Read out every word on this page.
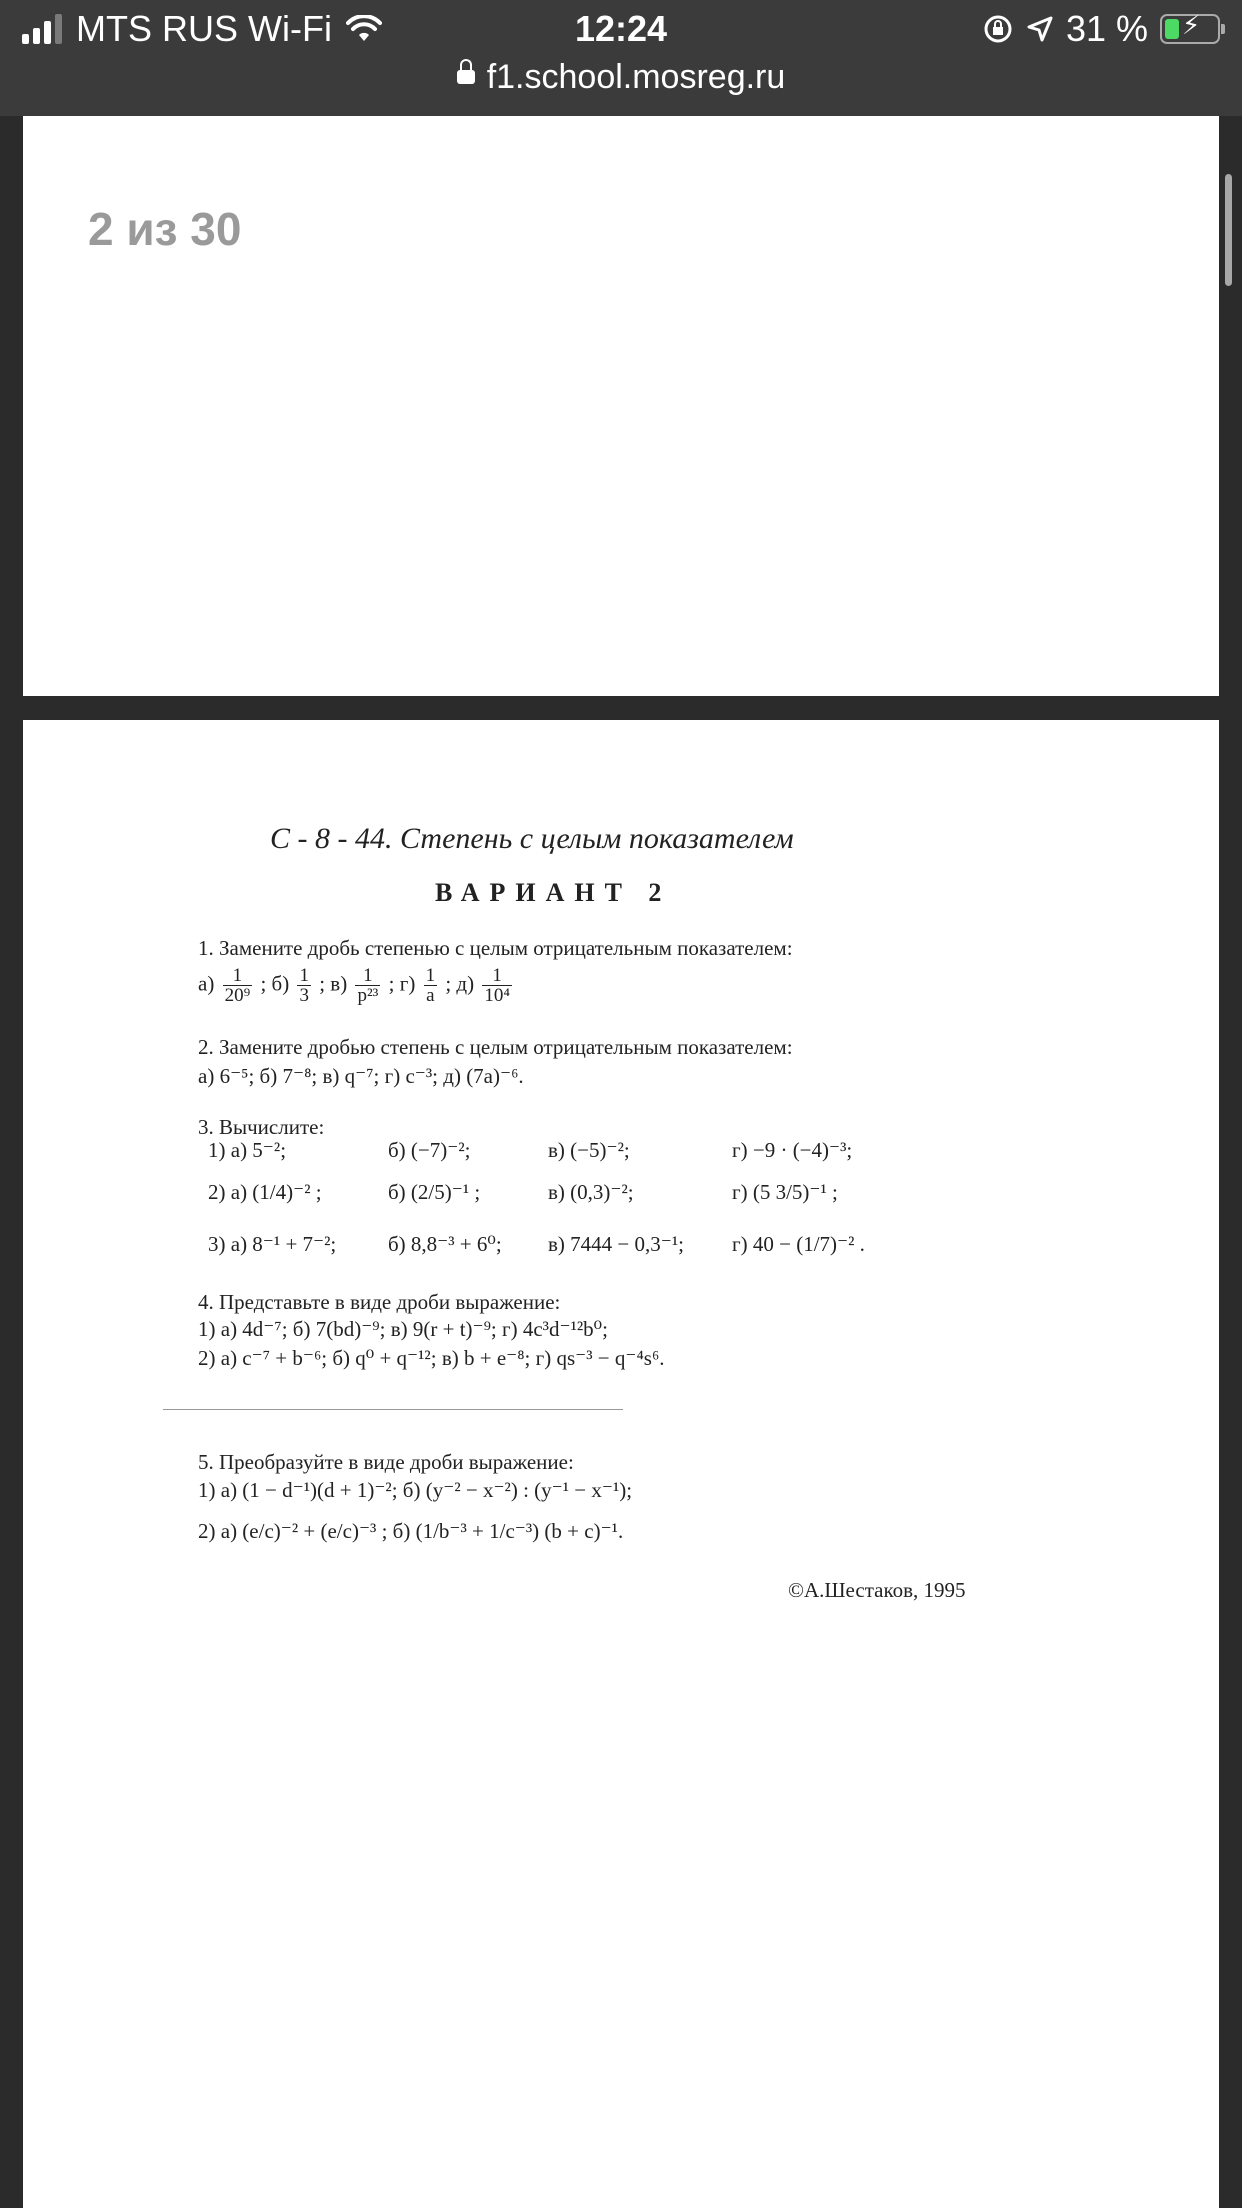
MTS RUS Wi-Fi	12:24	31 % ⚡
f1.school.mosreg.ru
2 из 30
С - 8 - 44. Степень с целым показателем
ВАРИАНТ 2
1. Замените дробь степенью с целым отрицательным показателем:
$а) \frac{1}{\text{20⁹}}$ ; $б) \frac{1}{3}$ ; $в) \frac{1}{\text{p²³}}$ ; $г) \frac{1}{a}$ ; $д) \frac{1}{\text{10⁴}}$
2. Замените дробью степень с целым отрицательным показателем:
а) 6⁻⁵; б) 7⁻⁸; в) q⁻⁷; г) c⁻³; д) (7a)⁻⁶.
3. Вычислите:
1) а) 5⁻²;	б) (−7)⁻²;	в) (−5)⁻²;	г) −9 · (−4)⁻³;
2) а) (1/4)⁻² ;	б) (2/5)⁻¹ ;	в) (0,3)⁻²;	г) (5 3/5)⁻¹ ;
3) а) 8⁻¹ + 7⁻²; б) 8,8⁻³ + 6⁰; в) 7444 − 0,3⁻¹; г) 40 − (1/7)⁻² .
4. Представьте в виде дроби выражение:
1) а) 4d⁻⁷; б) 7(bd)⁻⁹; в) 9(r + t)⁻⁹; г) 4c³d⁻¹²b⁰;
2) а) c⁻⁷ + b⁻⁶; б) q⁰ + q⁻¹²; в) b + e⁻⁸; г) qs⁻³ − q⁻⁴s⁶.
5. Преобразуйте в виде дроби выражение:
1) а) (1 − d⁻¹)(d + 1)⁻²; б) (y⁻² − x⁻²) : (y⁻¹ − x⁻¹);
2) а) (e/c)⁻² + (e/c)⁻³ ; б) (1/b⁻³ + 1/c⁻³) (b + c)⁻¹.
©А.Шестаков, 1995
